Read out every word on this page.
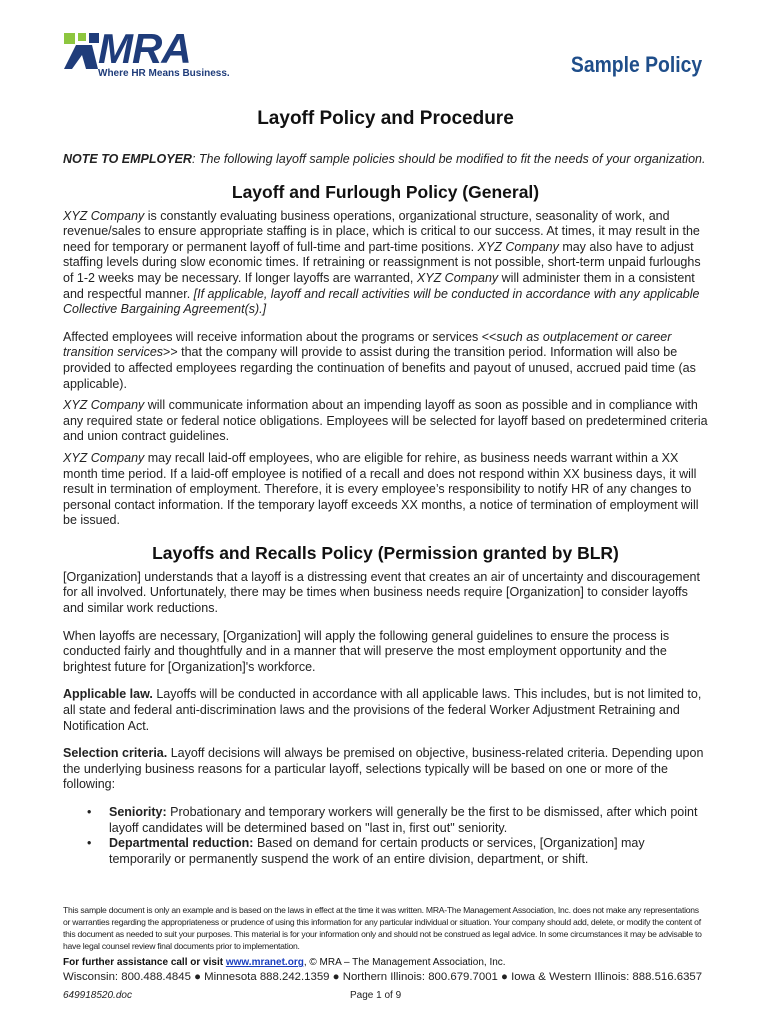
MRA
Where HR Means Business.	Sample Policy
Layoff Policy and Procedure

NOTE TO EMPLOYER: The following layoff sample policies should be modified to fit the needs of your organization.

Layoff and Furlough Policy (General)

XYZ Company is constantly evaluating business operations, organizational structure, seasonality of work, and revenue/sales to ensure appropriate staffing is in place, which is critical to our success. At times, it may result in the need for temporary or permanent layoff of full-time and part-time positions. XYZ Company may also have to adjust staffing levels during slow economic times. If retraining or reassignment is not possible, short-term unpaid furloughs of 1-2 weeks may be necessary. If longer layoffs are warranted, XYZ Company will administer them in a consistent and respectful manner. [If applicable, layoff and recall activities will be conducted in accordance with any applicable Collective Bargaining Agreement(s).]

Affected employees will receive information about the programs or services <<such as outplacement or career transition services>> that the company will provide to assist during the transition period. Information will also be provided to affected employees regarding the continuation of benefits and payout of unused, accrued paid time (as applicable).

XYZ Company will communicate information about an impending layoff as soon as possible and in compliance with any required state or federal notice obligations. Employees will be selected for layoff based on predetermined criteria and union contract guidelines.

XYZ Company may recall laid-off employees, who are eligible for rehire, as business needs warrant within a XX month time period. If a laid-off employee is notified of a recall and does not respond within XX business days, it will result in termination of employment. Therefore, it is every employee’s responsibility to notify HR of any changes to personal contact information. If the temporary layoff exceeds XX months, a notice of termination of employment will be issued.

Layoffs and Recalls Policy (Permission granted by BLR)

[Organization] understands that a layoff is a distressing event that creates an air of uncertainty and discouragement for all involved. Unfortunately, there may be times when business needs require [Organization] to consider layoffs and similar work reductions.

When layoffs are necessary, [Organization] will apply the following general guidelines to ensure the process is conducted fairly and thoughtfully and in a manner that will preserve the most employment opportunity and the brightest future for [Organization]'s workforce.

Applicable law. Layoffs will be conducted in accordance with all applicable laws. This includes, but is not limited to, all state and federal anti-discrimination laws and the provisions of the federal Worker Adjustment Retraining and Notification Act.

Selection criteria. Layoff decisions will always be premised on objective, business-related criteria. Depending upon the underlying business reasons for a particular layoff, selections typically will be based on one or more of the following:

• Seniority: Probationary and temporary workers will generally be the first to be dismissed, after which point layoff candidates will be determined based on "last in, first out" seniority.
• Departmental reduction: Based on demand for certain products or services, [Organization] may temporarily or permanently suspend the work of an entire division, department, or shift.
This sample document is only an example and is based on the laws in effect at the time it was written. MRA-The Management Association, Inc. does not make any representations or warranties regarding the appropriateness or prudence of using this information for any particular individual or situation. Your company should add, delete, or modify the content of this document as needed to suit your purposes. This material is for your information only and should not be construed as legal advice. In some circumstances it may be advisable to have legal counsel review final documents prior to implementation.
For further assistance call or visit www.mranet.org, © MRA – The Management Association, Inc.
Wisconsin: 800.488.4845 ● Minnesota 888.242.1359 ● Northern Illinois: 800.679.7001 ● Iowa & Western Illinois: 888.516.6357
649918520.doc	Page 1 of 9
